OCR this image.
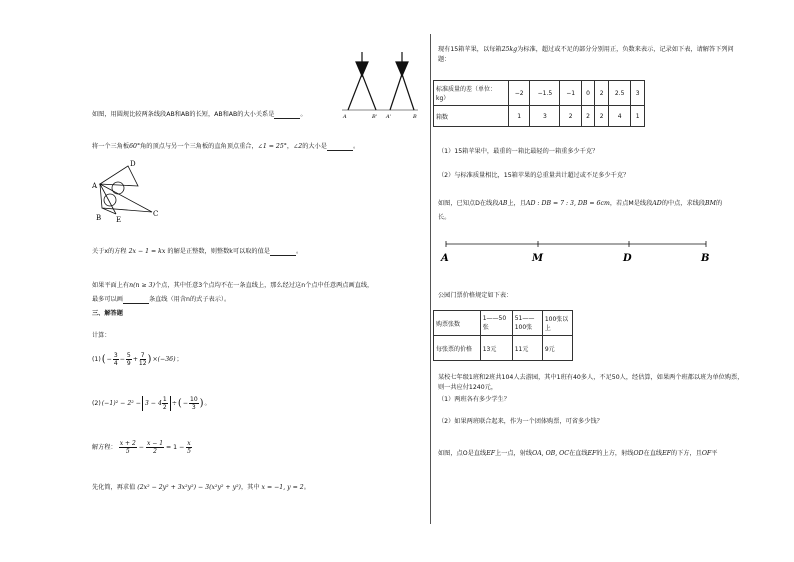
A	B' A'	B
如图，用圆规比较两条线段AB和AB的长短，AB和AB的大小关系是	。
将一个三角板60°角的顶点与另一个三角板的直角顶点重合，∠1 = 25°，∠2的大小是	。
D
A
B E
C
关于x的方程 2x − 1 = kx 的解是正整数，则整数k可以取的值是	。
如果平面上有n(n ≥ 3)个点，其中任意3个点均不在一条直线上，那么经过这n个点中任意两点画直线，
最多可以画	条直线（用含n的式子表示）。
三、解答题
计算：
(1) ( − $\frac{3}{4} - \frac{5}{9} + \frac{7}{12}$ ) ×(−36) ；
(2) $(-1)^2 - 2^2 - 3 - 4 \frac{1}{2}$ ÷ ( − $\frac{10}{3}$ ) 。
解方程： $\frac{x + 2}{5} - \frac{x - 1}{2} = 1 - \frac{x}{5}$
先化简，再求值 (2x² − 2y² + 3x²y²) − 3(x²y² + y²)，其中 x = −1, y = 2。
现有15箱苹果，以每箱25kg为标准，超过或不足的部分分别用正，负数来表示，记录如下表，请解答下列问
题：
标准质量的差（单位：kg）	−2	−1.5	−1	0	2	2.5	3
箱数	1	3	2	2	2	4	1
（1）15箱苹果中，最重的一箱比最轻的一箱重多少千克？
（2）与标准质量相比，15箱苹果的总重量共计超过或不足多少千克？
如图，已知点D在线段AB上，且AD : DB = 7 : 3, DB = 6cm，若点M是线段AD的中点，求线段BM的
长。
A	M	D	B
公园门票价格规定如下表：
购票张数	1——50张	51——100张	100张以上
每张票的价格	13元	11元	9元
某校七年级1班和2班共104人去游园，其中1班有40多人，不足50人，经估算，如果两个班都以班为单位购票，
则一共应付1240元，
（1）两班各有多少学生？
（2）如果两班联合起来，作为一个团体购票，可省多少钱？
如图，点O是直线EF上一点，射线OA, OB, OC在直线EF的上方，射线OD在直线EF的下方，且OF平
